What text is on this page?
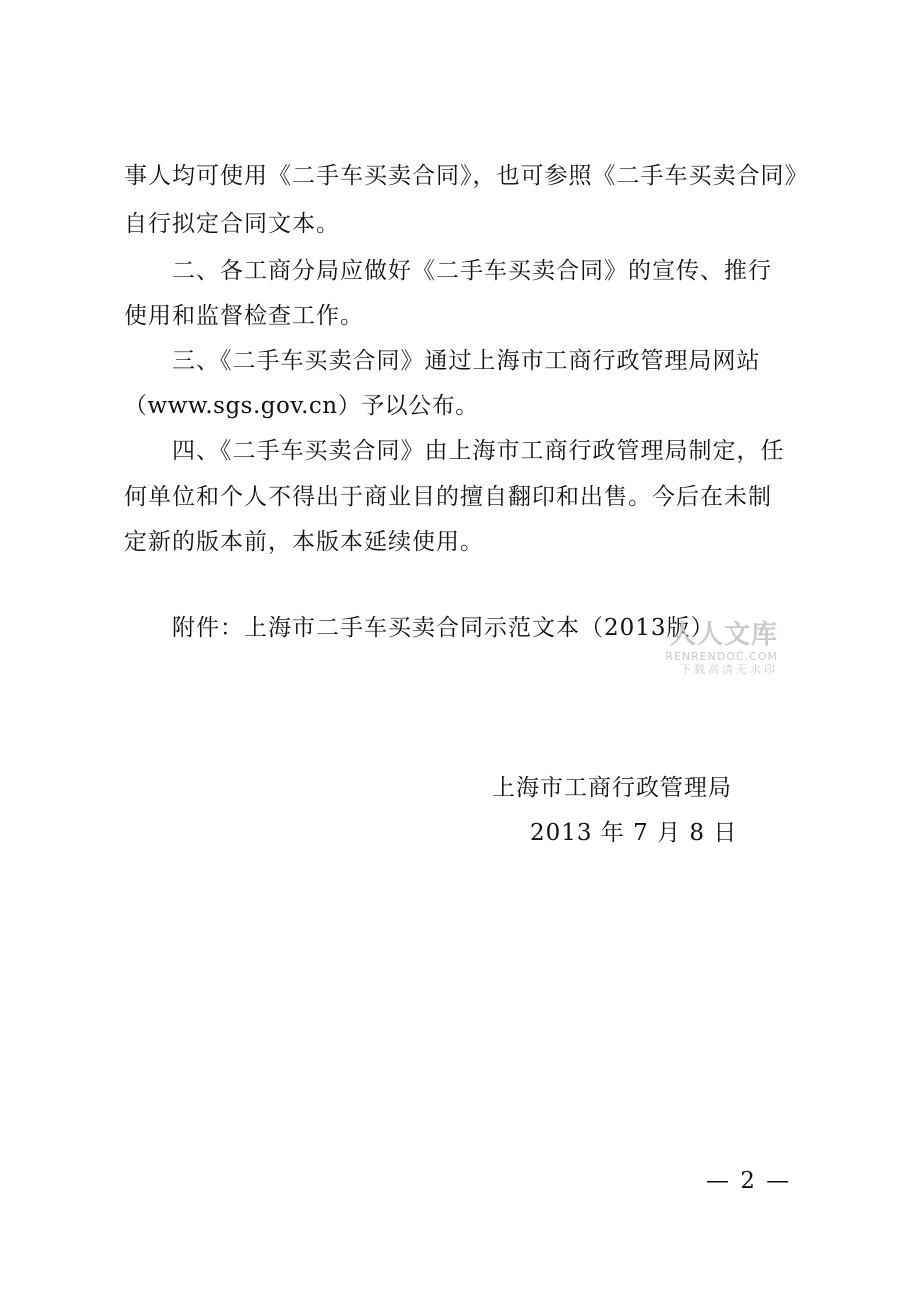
事人均可使用《二手车买卖合同》，也可参照《二手车买卖合同》
自行拟定合同文本。
二、各工商分局应做好《二手车买卖合同》的宣传、推行
使用和监督检查工作。
三、《二手车买卖合同》通过上海市工商行政管理局网站
（www.sgs.gov.cn）予以公布。
四、《二手车买卖合同》由上海市工商行政管理局制定，任
何单位和个人不得出于商业目的擅自翻印和出售。今后在未制
定新的版本前，本版本延续使用。
附件：上海市二手车买卖合同示范文本（2013版）
人人文库
RENRENDOC.COM
下载高清无水印
上海市工商行政管理局
2013 年 7 月 8 日
— 2 —
